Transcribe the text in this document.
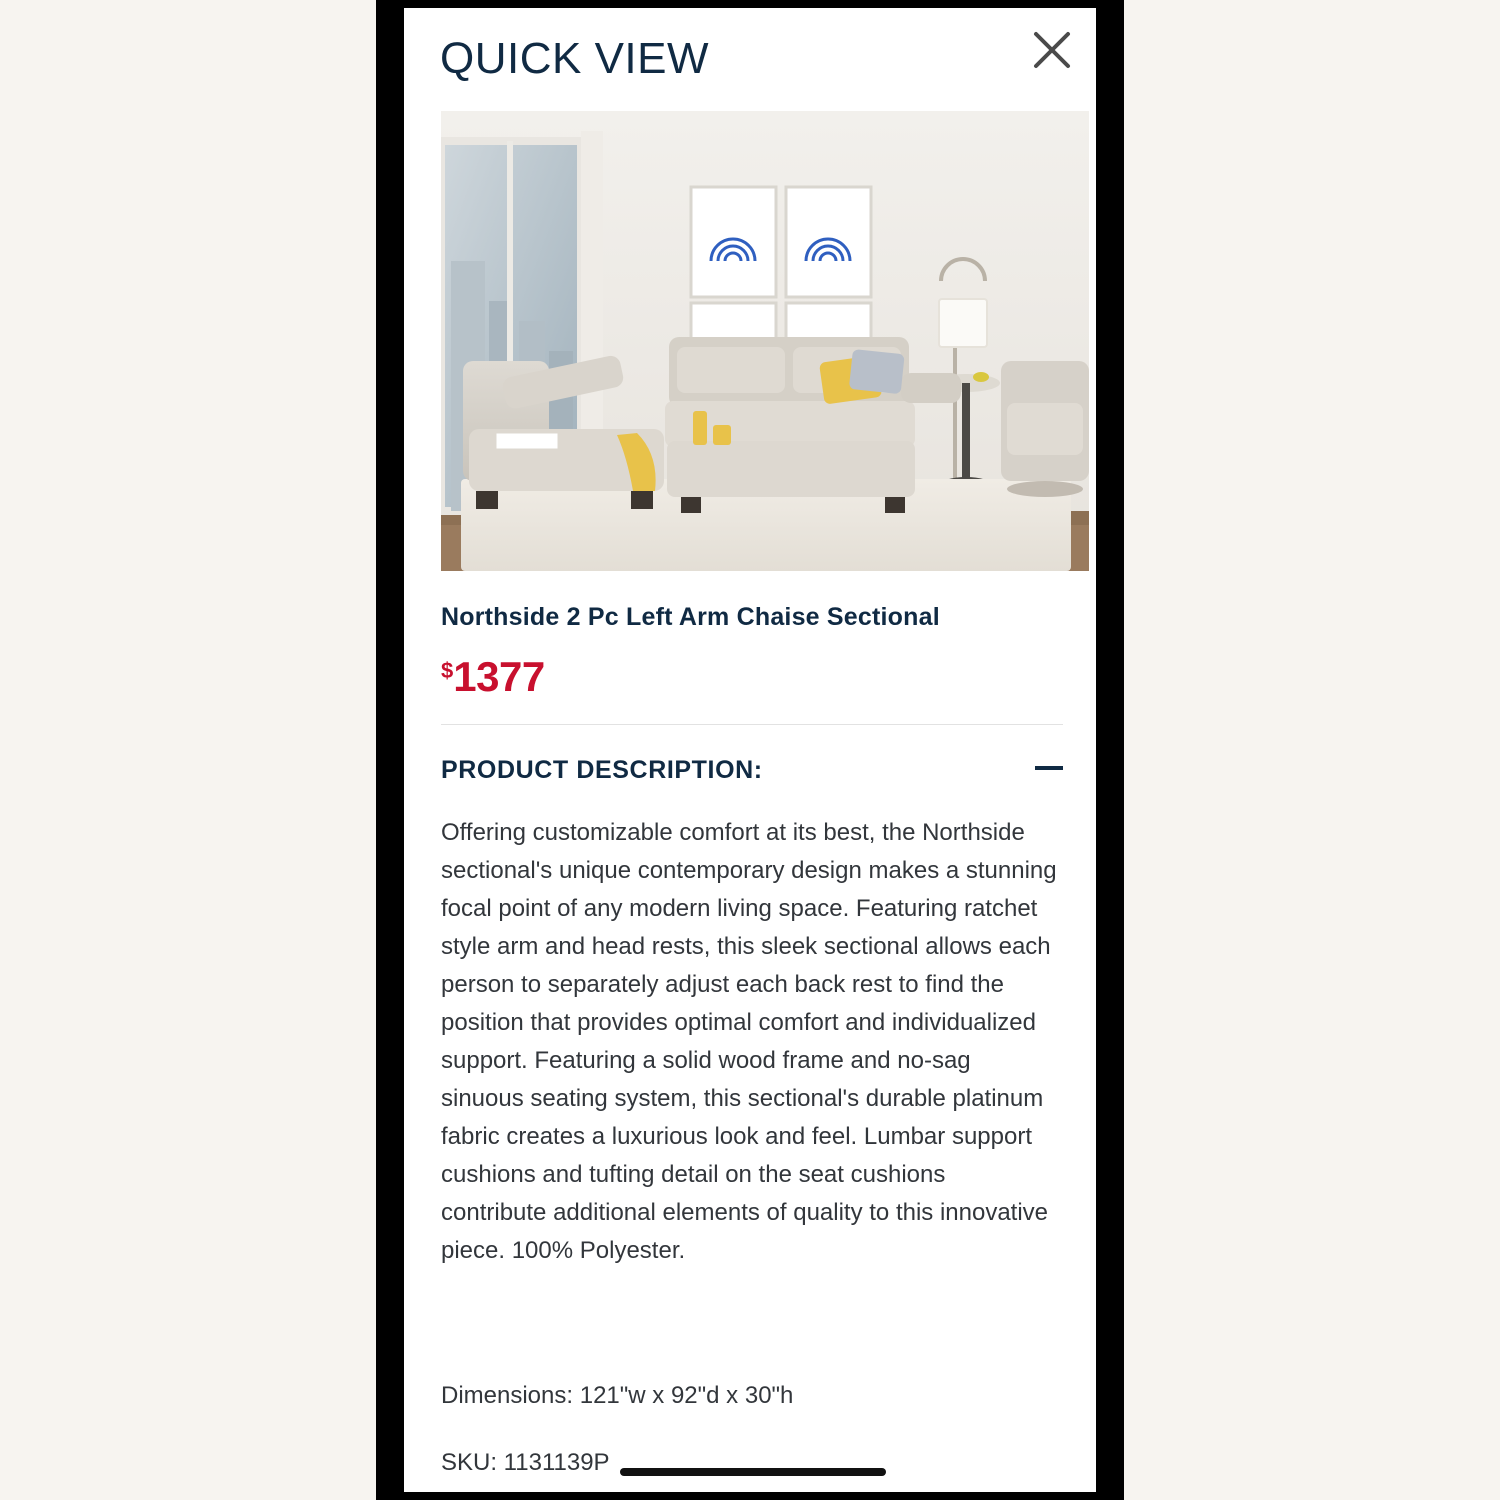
QUICK VIEW
Northside 2 Pc Left Arm Chaise Sectional
$1377
PRODUCT DESCRIPTION:
Offering customizable comfort at its best, the Northside sectional's unique contemporary design makes a stunning focal point of any modern living space. Featuring ratchet style arm and head rests, this sleek sectional allows each person to separately adjust each back rest to find the position that provides optimal comfort and individualized support. Featuring a solid wood frame and no-sag sinuous seating system, this sectional's durable platinum fabric creates a luxurious look and feel. Lumbar support cushions and tufting detail on the seat cushions contribute additional elements of quality to this innovative piece. 100% Polyester.
Dimensions: 121"w x 92"d x 30"h
SKU: 1131139P
